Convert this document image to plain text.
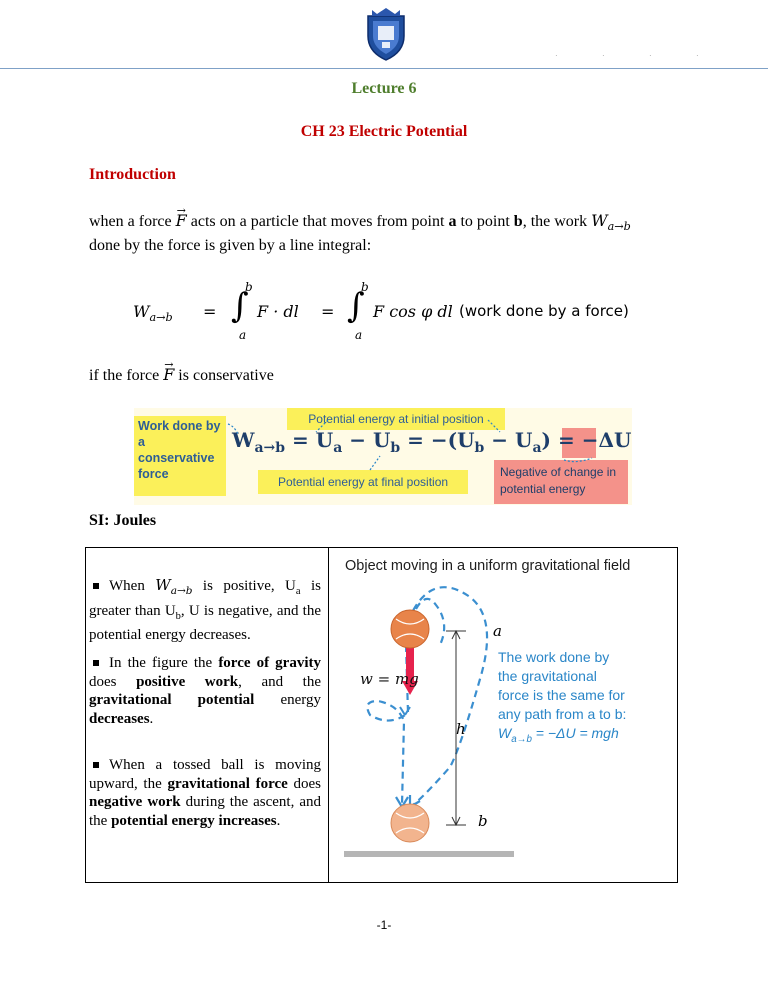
. . . .
Lecture 6
CH 23 Electric Potential
Introduction
when a force → F acts on a particle that moves from point a to point b, the work $W_{a\to b}$
done by the force is given by a line integral:
$W_{a\to b}$ = ∫
b
a
F · dl = ∫
b
a
F cos φ dl (work done by a force)
if the force → F is conservative
Work done by a conservative force
Potential energy at initial position
Potential energy at final position
Negative of change in potential energy
$W_{a\to b} = U_a - U_b = -(U_b - U_a) = -\Delta U$
SI: Joules
When $W_{a\to b}$ is positive, $U_a$ is greater than $U_b$, U is negative, and the potential energy decreases.
In the figure the force of gravity does positive work, and the gravitational potential energy decreases.
When a tossed ball is moving upward, the gravitational force does negative work during the ascent, and the potential energy increases.
Object moving in a uniform gravitational field
a
b
h
w = mg
The work done by
the gravitational
force is the same for
any path from a to b:
$W_{a\to b} = -\Delta U$ = mgh
-1-
